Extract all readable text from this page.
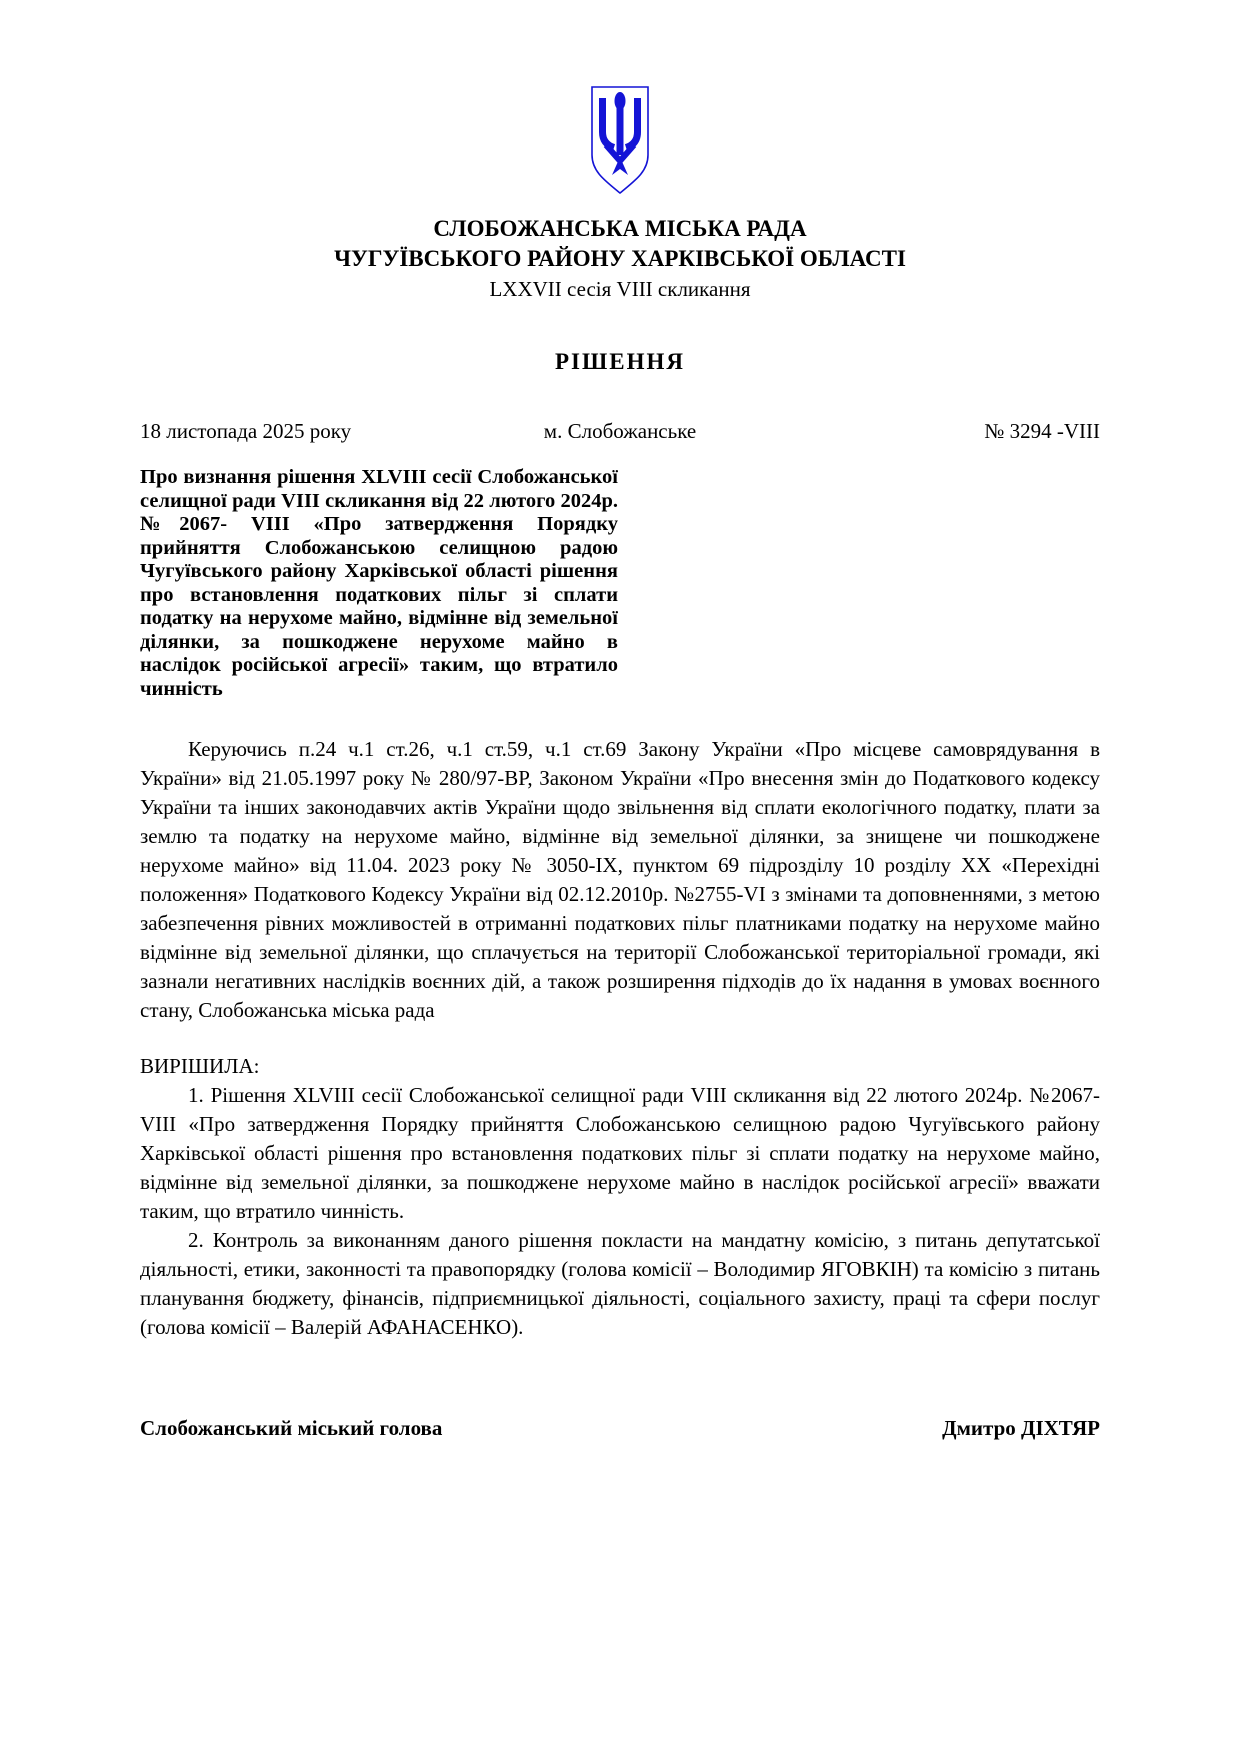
СЛОБОЖАНСЬКА МІСЬКА РАДА
ЧУГУЇВСЬКОГО РАЙОНУ ХАРКІВСЬКОЇ ОБЛАСТІ
LXXVII сесія VIII скликання
РІШЕННЯ
18 листопада 2025 року	м. Слобожанське	№ 3294 -VIII
Про визнання рішення XLVIII сесії Слобожанської селищної ради VIII скликання від 22 лютого 2024р. №2067- VIII «Про затвердження Порядку прийняття Слобожанською селищною радою Чугуївського району Харківської області рішення про встановлення податкових пільг зі сплати податку на нерухоме майно, відмінне від земельної ділянки, за пошкоджене нерухоме майно в наслідок російської агресії» таким, що втратило чинність
Керуючись п.24 ч.1 ст.26, ч.1 ст.59, ч.1 ст.69 Закону України «Про місцеве самоврядування в України» від 21.05.1997 року № 280/97-ВР, Законом України «Про внесення змін до Податкового кодексу України та інших законодавчих актів України щодо звільнення від сплати екологічного податку, плати за землю та податку на нерухоме майно, відмінне від земельної ділянки, за знищене чи пошкоджене нерухоме майно» від 11.04. 2023 року № 3050-ІХ, пунктом 69 підрозділу 10 розділу ХХ «Перехідні положення» Податкового Кодексу України від 02.12.2010р. №2755-VI з змінами та доповненнями, з метою забезпечення рівних можливостей в отриманні податкових пільг платниками податку на нерухоме майно відмінне від земельної ділянки, що сплачується на території Слобожанської територіальної громади, які зазнали негативних наслідків воєнних дій, а також розширення підходів до їх надання в умовах воєнного стану, Слобожанська міська рада
ВИРІШИЛА:

1. Рішення XLVIII сесії Слобожанської селищної ради VIII скликання від 22 лютого 2024р. №2067-VIII «Про затвердження Порядку прийняття Слобожанською селищною радою Чугуївського району Харківської області рішення про встановлення податкових пільг зі сплати податку на нерухоме майно, відмінне від земельної ділянки, за пошкоджене нерухоме майно в наслідок російської агресії» вважати таким, що втратило чинність.

2. Контроль за виконанням даного рішення покласти на мандатну комісію, з питань депутатської діяльності, етики, законності та правопорядку (голова комісії – Володимир ЯГОВКІН) та комісію з питань планування бюджету, фінансів, підприємницької діяльності, соціального захисту, праці та сфери послуг (голова комісії – Валерій АФАНАСЕНКО).

Слобожанський міський голова	Дмитро ДІХТЯР
